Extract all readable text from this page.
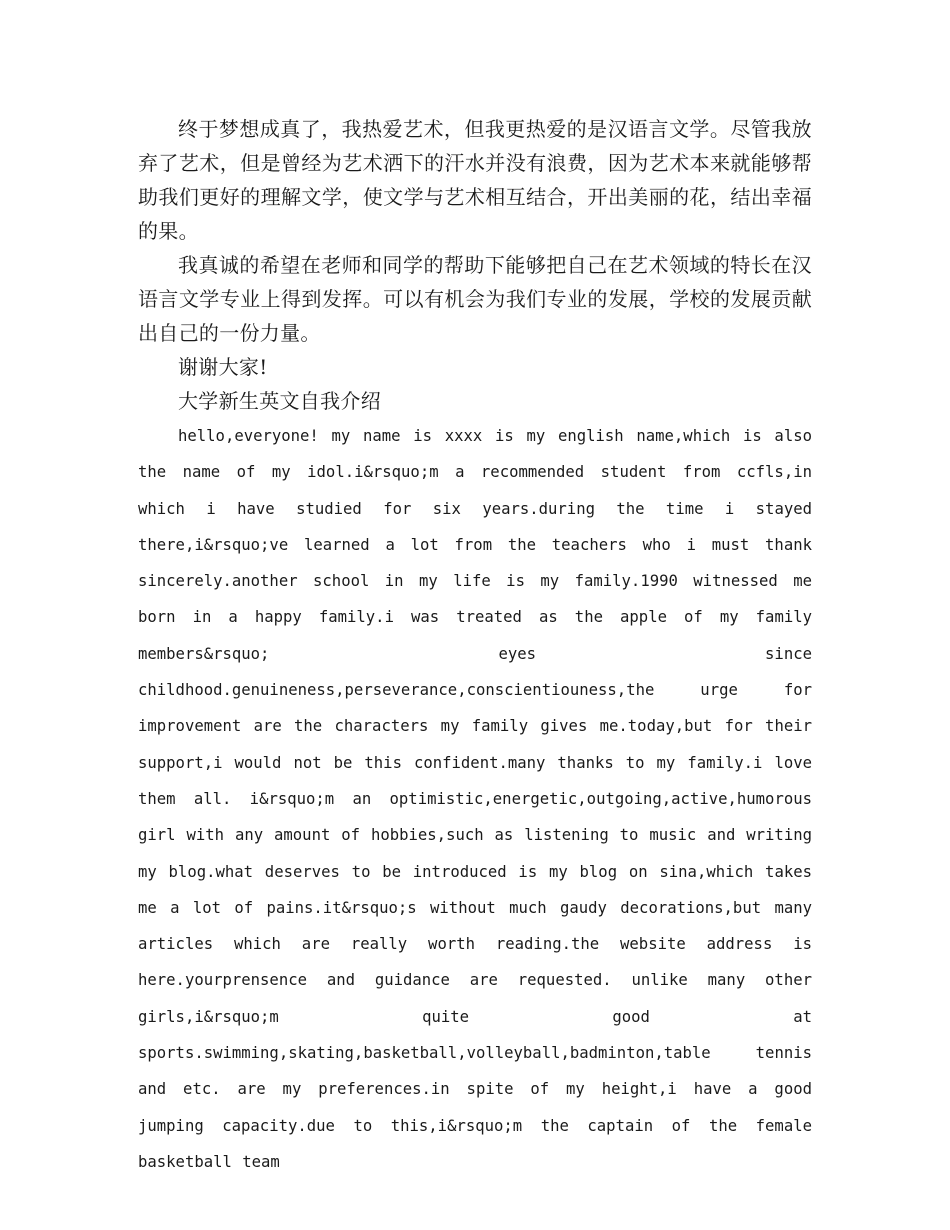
终于梦想成真了，我热爱艺术，但我更热爱的是汉语言文学。尽管我放弃了艺术，但是曾经为艺术洒下的汗水并没有浪费，因为艺术本来就能够帮助我们更好的理解文学，使文学与艺术相互结合，开出美丽的花，结出幸福的果。

我真诚的希望在老师和同学的帮助下能够把自己在艺术领域的特长在汉语言文学专业上得到发挥。可以有机会为我们专业的发展，学校的发展贡献出自己的一份力量。

谢谢大家!

大学新生英文自我介绍

hello,everyone! my name is xxxx is my english name,which is also the name of my idol.i&rsquo;m a recommended student from ccfls,in which i have studied for six years.during the time i stayed there,i&rsquo;ve learned a lot from the teachers who i must thank sincerely.another school in my life is my family.1990 witnessed me born in a happy family.i was treated as the apple of my family members&rsquo; eyes since childhood.genuineness,perseverance,conscientiouness,the urge for improvement are the characters my family gives me.today,but for their support,i would not be this confident.many thanks to my family.i love them all. i&rsquo;m an optimistic,energetic,outgoing,active,humorous girl with any amount of hobbies,such as listening to music and writing my blog.what deserves to be introduced is my blog on sina,which takes me a lot of pains.it&rsquo;s without much gaudy decorations,but many articles which are really worth reading.the website address is here.yourprensence and guidance are requested. unlike many other girls,i&rsquo;m quite good at sports.swimming,skating,basketball,volleyball,badminton,table tennis and etc. are my preferences.in spite of my height,i have a good jumping capacity.due to this,i&rsquo;m the captain of the female basketball team
